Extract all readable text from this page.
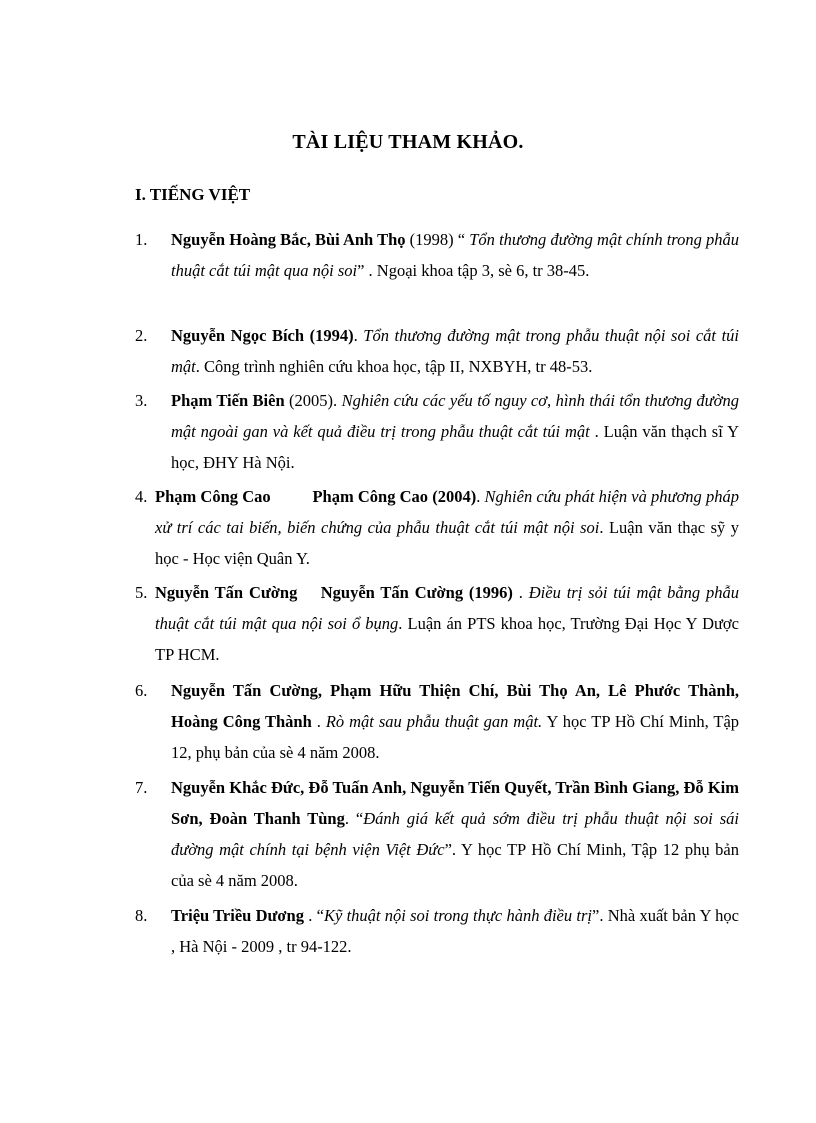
TÀI LIỆU THAM KHẢO.
I. TIẾNG VIỆT
1. Nguyễn Hoàng Bắc, Bùi Anh Thọ (1998) “ Tổn thương đường mật chính trong phẫu thuật cắt túi mật qua nội soi” . Ngoại khoa tập 3, sè 6, tr 38-45.
2. Nguyễn Ngọc Bích (1994). Tổn thương đường mật trong phẫu thuật nội soi cắt túi mật. Công trình nghiên cứu khoa học, tập II, NXBYH, tr 48-53.
3. Phạm Tiến Biên (2005). Nghiên cứu các yếu tố nguy cơ, hình thái tổn thương đường mật ngoài gan và kết quả điều trị trong phẫu thuật cắt túi mật . Luận văn thạch sĩ Y học, ĐHY Hà Nội.
4. Phạm Công Cao          Phạm Công Cao (2004). Nghiên cứu phát hiện và phương pháp xử trí các tai biến, biến chứng của phẫu thuật cắt túi mật nội soi. Luận văn thạc sỹ y học - Học viện Quân Y.
5. Nguyễn Tấn Cường    Nguyễn Tấn Cường (1996) . Điều trị sỏi túi mật bằng phẫu thuật cắt túi mật qua nội soi ổ bụng. Luận án PTS khoa học, Trường Đại Học Y Dược TP HCM.
6. Nguyễn Tấn Cường, Phạm Hữu Thiện Chí, Bùi Thọ An, Lê Phước Thành, Hoàng Công Thành . Rò mật sau phẫu thuật gan mật. Y học TP Hồ Chí Minh, Tập 12, phụ bản của sè 4 năm 2008.
7. Nguyễn Khắc Đức, Đỗ Tuấn Anh, Nguyễn Tiến Quyết, Trần Bình Giang, Đỗ Kim Sơn, Đoàn Thanh Tùng. “Đánh giá kết quả sớm điều trị phẫu thuật nội soi sái đường mật chính tại bệnh viện Việt Đức”. Y học TP Hồ Chí Minh, Tập 12 phụ bản của sè 4 năm 2008.
8. Triệu Triều Dương . “Kỹ thuật nội soi trong thực hành điều trị”. Nhà xuất bản Y học , Hà Nội - 2009 , tr 94-122.
